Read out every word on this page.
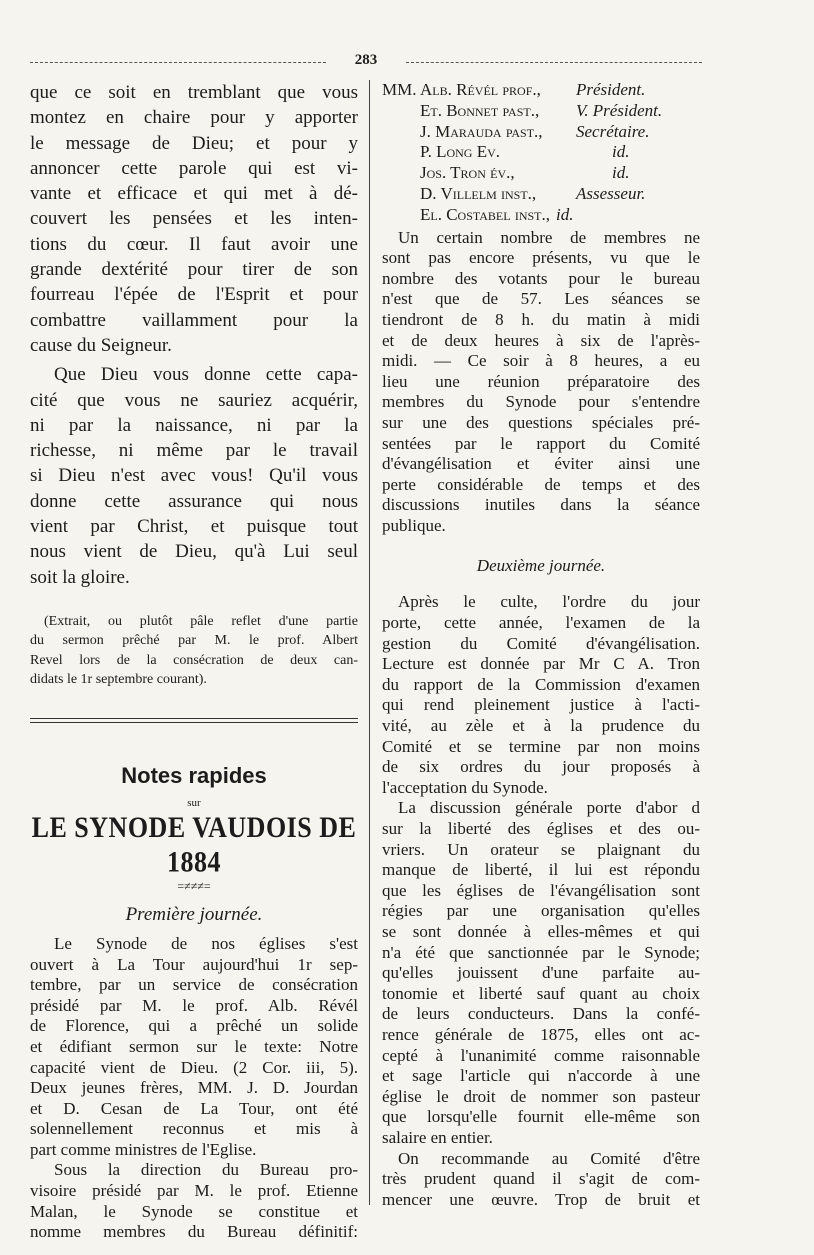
283

que ce soit en tremblant que vous

montez en chaire pour y apporter

le message de Dieu; et pour y

annoncer cette parole qui est vi-

vante et efficace et qui met à dé-

couvert les pensées et les inten-

tions du cœur. Il faut avoir une

grande dextérité pour tirer de son

fourreau l'épée de l'Esprit et pour

combattre vaillamment pour la

cause du Seigneur.

Que Dieu vous donne cette capa-

cité que vous ne sauriez acquérir,

ni par la naissance, ni par la

richesse, ni même par le travail

si Dieu n'est avec vous! Qu'il vous

donne cette assurance qui nous

vient par Christ, et puisque tout

nous vient de Dieu, qu'à Lui seul

soit la gloire.

(Extrait, ou plutôt pâle reflet d'une partie

du sermon prêché par M. le prof. Albert

Revel lors de la consécration de deux can-

didats le 1r septembre courant).

Notes rapides
sur
LE SYNODE VAUDOIS DE 1884
=≠≠≠=
Première journée.

Le Synode de nos églises s'est

ouvert à La Tour aujourd'hui 1r sep-

tembre, par un service de consécration

présidé par M. le prof. Alb. Révél

de Florence, qui a prêché un solide

et édifiant sermon sur le texte: Notre

capacité vient de Dieu. (2 Cor. iii, 5).

Deux jeunes frères, MM. J. D. Jourdan

et D. Cesan de La Tour, ont été

solennellement reconnus et mis à

part comme ministres de l'Eglise.

Sous la direction du Bureau pro-

visoire présidé par M. le prof. Etienne

Malan, le Synode se constitue et

nomme membres du Bureau définitif:

MM. Alb. Révél prof.,	Président.
Et. Bonnet past.,	V. Président.
J. Marauda past.,	Secrétaire.
P. Long Ev.	id.
Jos. Tron év.,	id.
D. Villelm inst.,	Assesseur.
El. Costabel inst., id.

Un certain nombre de membres ne

sont pas encore présents, vu que le

nombre des votants pour le bureau

n'est que de 57. Les séances se

tiendront de 8 h. du matin à midi

et de deux heures à six de l'après-

midi. — Ce soir à 8 heures, a eu

lieu une réunion préparatoire des

membres du Synode pour s'entendre

sur une des questions spéciales pré-

sentées par le rapport du Comité

d'évangélisation et éviter ainsi une

perte considérable de temps et des

discussions inutiles dans la séance

publique.

Deuxième journée.

Après le culte, l'ordre du jour

porte, cette année, l'examen de la

gestion du Comité d'évangélisation.

Lecture est donnée par Mr C A. Tron

du rapport de la Commission d'examen

qui rend pleinement justice à l'acti-

vité, au zèle et à la prudence du

Comité et se termine par non moins

de six ordres du jour proposés à

l'acceptation du Synode.

La discussion générale porte d'abor d

sur la liberté des églises et des ou-

vriers. Un orateur se plaignant du

manque de liberté, il lui est répondu

que les églises de l'évangélisation sont

régies par une organisation qu'elles

se sont donnée à elles-mêmes et qui

n'a été que sanctionnée par le Synode;

qu'elles jouissent d'une parfaite au-

tonomie et liberté sauf quant au choix

de leurs conducteurs. Dans la confé-

rence générale de 1875, elles ont ac-

cepté à l'unanimité comme raisonnable

et sage l'article qui n'accorde à une

église le droit de nommer son pasteur

que lorsqu'elle fournit elle-même son

salaire en entier.

On recommande au Comité d'être

très prudent quand il s'agit de com-

mencer une œuvre. Trop de bruit et
